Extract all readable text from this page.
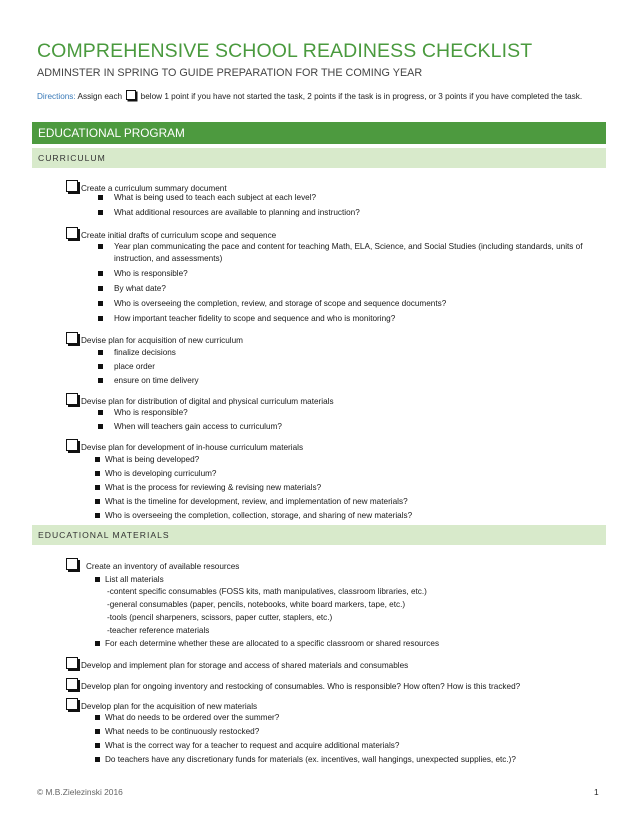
COMPREHENSIVE SCHOOL READINESS CHECKLIST
ADMINSTER IN SPRING TO GUIDE PREPARATION FOR THE COMING YEAR
Directions: Assign each  below 1 point if you have not started the task, 2 points if the task is in progress, or 3 points if you have completed the task.
EDUCATIONAL PROGRAM
CURRICULUM
Create a curriculum summary document
What is being used to teach each subject at each level?
What additional resources are available to planning and instruction?
Create initial drafts of curriculum scope and sequence
Year plan communicating the pace and content for teaching Math, ELA, Science, and Social Studies (including standards, units of instruction, and assessments)
Who is responsible?
By what date?
Who is overseeing the completion, review, and storage of scope and sequence documents?
How important teacher fidelity to scope and sequence and who is monitoring?
Devise plan for acquisition of new curriculum
finalize decisions
place order
ensure on time delivery
Devise plan for distribution of digital and physical curriculum materials
Who is responsible?
When will teachers gain access to curriculum?
Devise plan for development of in-house curriculum materials
What is being developed?
Who is developing curriculum?
What is the process for reviewing & revising new materials?
What is the timeline for development, review, and implementation of new materials?
Who is overseeing the completion, collection, storage, and sharing of new materials?
EDUCATIONAL MATERIALS
Create an inventory of available resources
List all materials
-content specific consumables (FOSS kits, math manipulatives, classroom libraries, etc.)
-general consumables (paper, pencils, notebooks, white board markers, tape, etc.)
-tools (pencil sharpeners, scissors, paper cutter, staplers, etc.)
-teacher reference materials
For each determine whether these are allocated to a specific classroom or shared resources
Develop and implement plan for storage and access of shared materials and consumables
Develop plan for ongoing inventory and restocking of consumables. Who is responsible? How often? How is this tracked?
Develop plan for the acquisition of new materials
What do needs to be ordered over the summer?
What needs to be continuously restocked?
What is the correct way for a teacher to request and acquire additional materials?
Do teachers have any discretionary funds for materials (ex. incentives, wall hangings, unexpected supplies, etc.)?
© M.B.Zielezinski 2016	1
